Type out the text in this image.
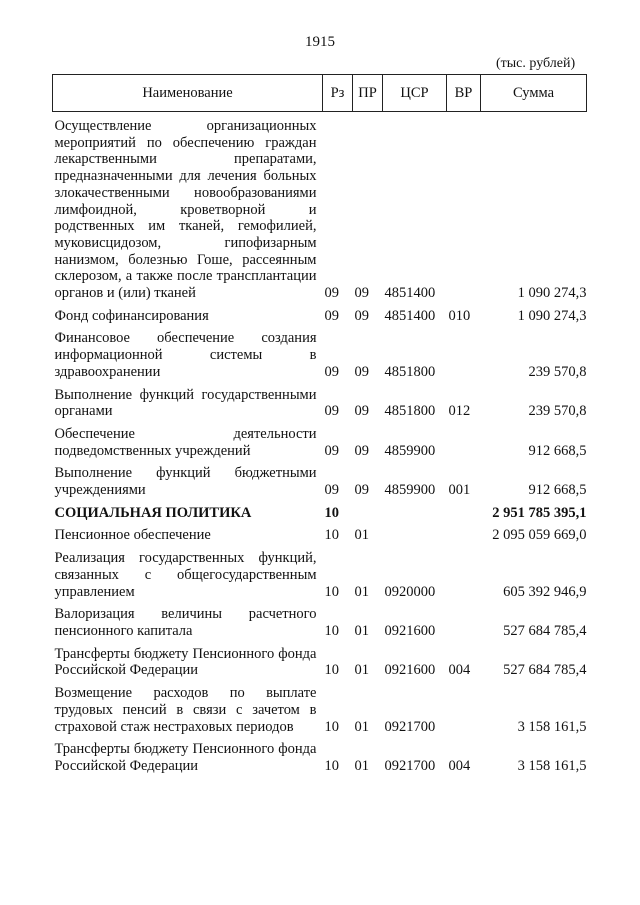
1915
(тыс. рублей)
Наименование	Рз	ПР	ЦСР	ВР	Сумма
Осуществление организационных мероприятий по обеспечению граждан лекарственными препаратами, предназначенными для лечения больных злокачественными новообразованиями лимфоидной, кроветворной и родственных им тканей, гемофилией, муковисцидозом, гипофизарным нанизмом, болезнью Гоше, рассеянным склерозом, а также после трансплантации органов и (или) тканей	09	09	4851400		1 090 274,3
Фонд софинансирования	09	09	4851400	010	1 090 274,3
Финансовое обеспечение создания информационной системы в здравоохранении	09	09	4851800		239 570,8
Выполнение функций государственными органами	09	09	4851800	012	239 570,8
Обеспечение деятельности подведомственных учреждений	09	09	4859900		912 668,5
Выполнение функций бюджетными учреждениями	09	09	4859900	001	912 668,5
СОЦИАЛЬНАЯ ПОЛИТИКА	10				2 951 785 395,1
Пенсионное обеспечение	10	01			2 095 059 669,0
Реализация государственных функций, связанных с общегосударственным управлением	10	01	0920000		605 392 946,9
Валоризация величины расчетного пенсионного капитала	10	01	0921600		527 684 785,4
Трансферты бюджету Пенсионного фонда Российской Федерации	10	01	0921600	004	527 684 785,4
Возмещение расходов по выплате трудовых пенсий в связи с зачетом в страховой стаж нестраховых периодов	10	01	0921700		3 158 161,5
Трансферты бюджету Пенсионного фонда Российской Федерации	10	01	0921700	004	3 158 161,5
